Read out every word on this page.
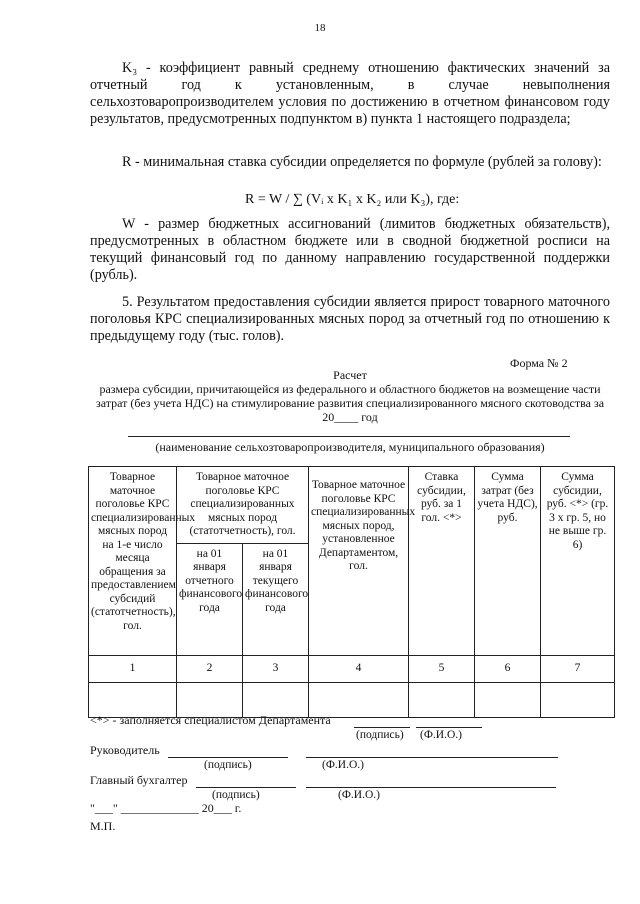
18

K₃ - коэффициент равный среднему отношению фактических значений за отчетный год к установленным, в случае невыполнения сельхозтоваропроизводителем условия по достижению в отчетном финансовом году результатов, предусмотренных подпунктом в) пункта 1 настоящего подраздела;

R - минимальная ставка субсидии определяется по формуле (рублей за голову):

R = W / ∑ (Vᵢ x K₁ x K₂ или K₃), где:

W - размер бюджетных ассигнований (лимитов бюджетных обязательств), предусмотренных в областном бюджете или в сводной бюджетной росписи на текущий финансовый год по данному направлению государственной поддержки (рубль).

5. Результатом предоставления субсидии является прирост товарного маточного поголовья КРС специализированных мясных пород за отчетный год по отношению к предыдущему году (тыс. голов).

Форма № 2
Расчет
размера субсидии, причитающейся из федерального и областного бюджетов на возмещение части затрат (без учета НДС) на стимулирование развития специализированного мясного скотоводства за 20____ год
(наименование сельхозтоваропроизводителя, муниципального образования)
Товарное маточное поголовье КРС специализированных мясных пород на 1-е число месяца обращения за предоставлением субсидий (статотчетность), гол.	Товарное маточное поголовье КРС специализированных мясных пород (статотчетность), гол.		Товарное маточное поголовье КРС специализированных мясных пород, установленное Департаментом, гол.	Ставка субсидии, руб. за 1 гол. <*>	Сумма затрат (без учета НДС), руб.	Сумма субсидии, руб. <*> (гр. 3 х гр. 5, но не выше гр. 6)
	на 01 января отчетного финансового года	на 01 января текущего финансового года				
1	2	3	4	5	6	7

<*> - заполняется специалистом Департамента
(подпись) (Ф.И.О.)
Руководитель
(подпись)	(Ф.И.О.)
Главный бухгалтер
(подпись)	(Ф.И.О.)
"___" _____________ 20___ г.
М.П.
